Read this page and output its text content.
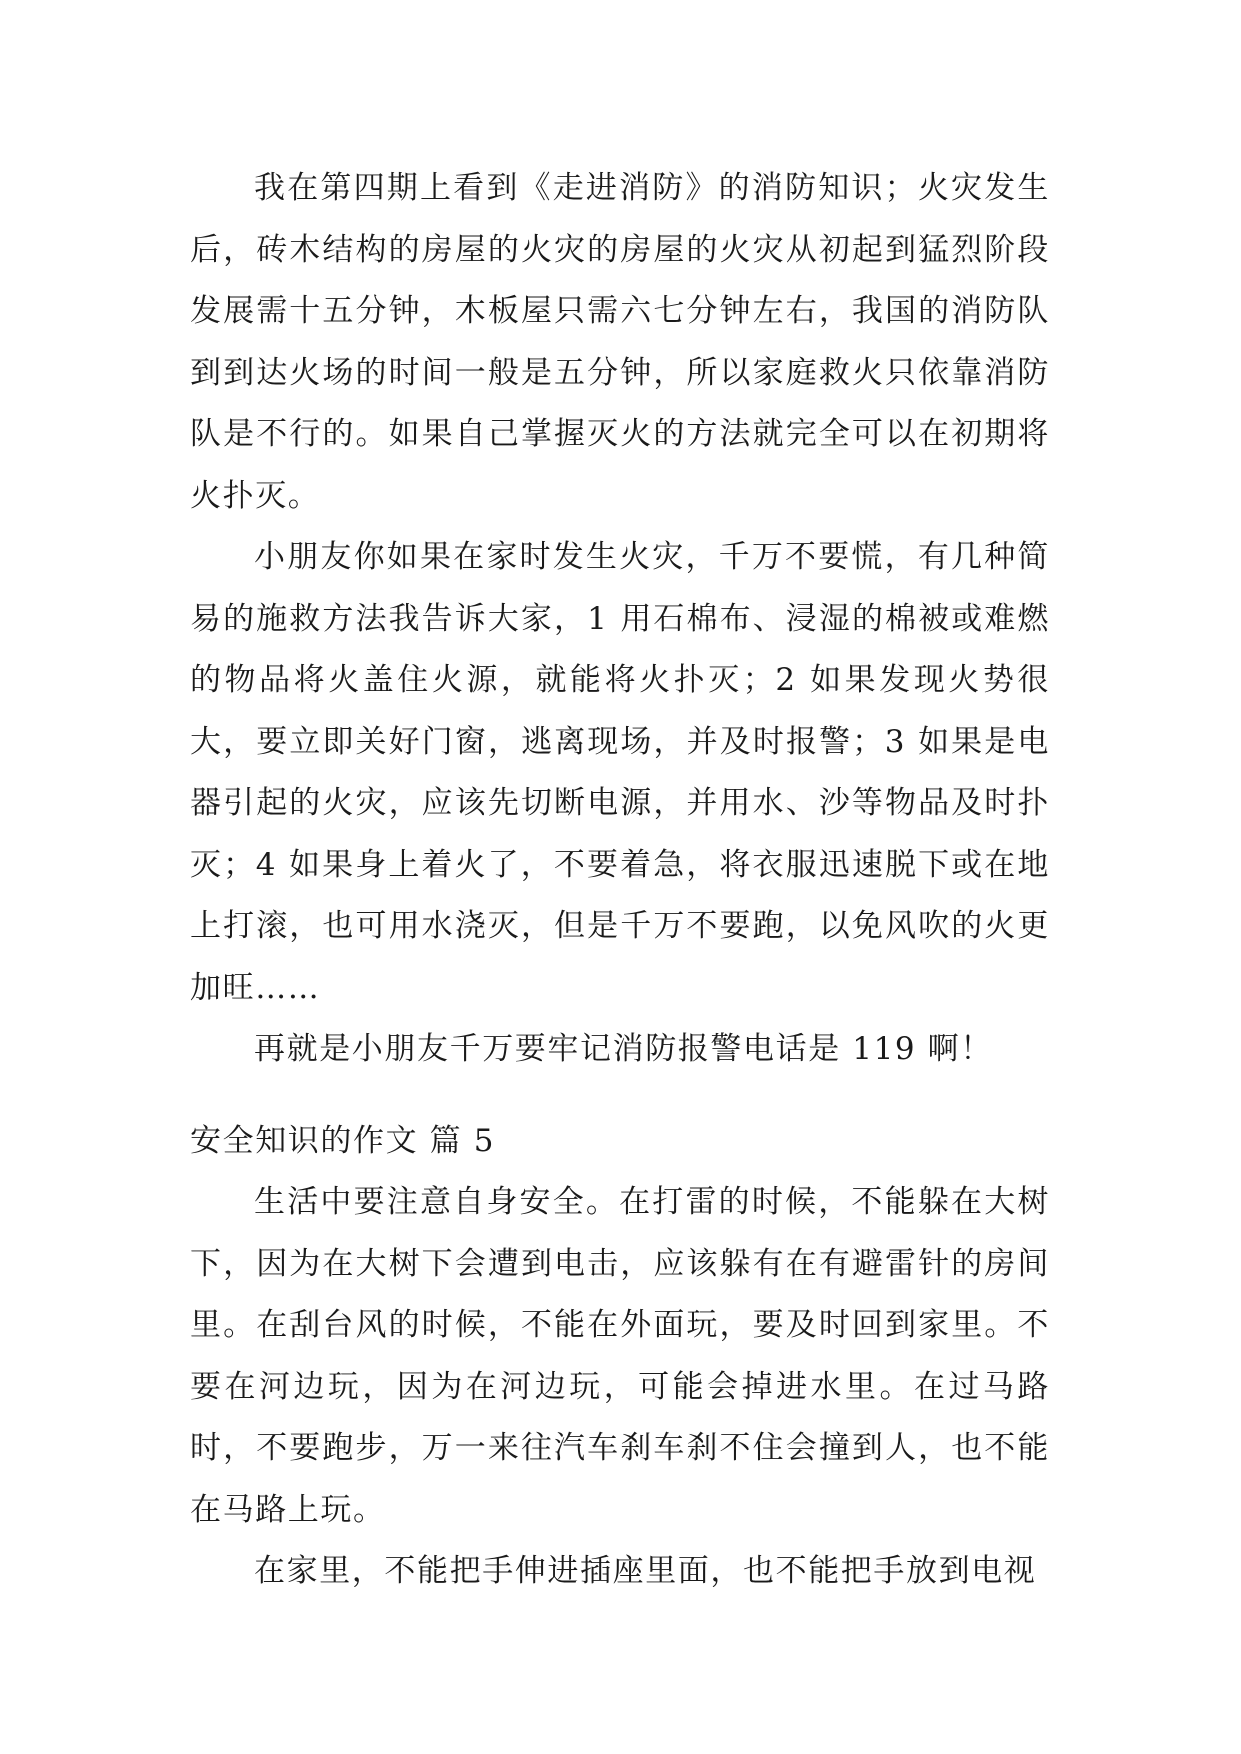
我在第四期上看到《走进消防》的消防知识；火灾发生后，砖木结构的房屋的火灾的房屋的火灾从初起到猛烈阶段发展需十五分钟，木板屋只需六七分钟左右，我国的消防队到到达火场的时间一般是五分钟，所以家庭救火只依靠消防队是不行的。如果自己掌握灭火的方法就完全可以在初期将火扑灭。

小朋友你如果在家时发生火灾，千万不要慌，有几种简易的施救方法我告诉大家，1 用石棉布、浸湿的棉被或难燃的物品将火盖住火源，就能将火扑灭；2 如果发现火势很大，要立即关好门窗，逃离现场，并及时报警；3 如果是电器引起的火灾，应该先切断电源，并用水、沙等物品及时扑灭；4 如果身上着火了，不要着急，将衣服迅速脱下或在地上打滚，也可用水浇灭，但是千万不要跑，以免风吹的火更加旺……

再就是小朋友千万要牢记消防报警电话是 119 啊！

安全知识的作文 篇 5

生活中要注意自身安全。在打雷的时候，不能躲在大树下，因为在大树下会遭到电击，应该躲有在有避雷针的房间里。在刮台风的时候，不能在外面玩，要及时回到家里。不要在河边玩，因为在河边玩，可能会掉进水里。在过马路时，不要跑步，万一来往汽车刹车刹不住会撞到人，也不能在马路上玩。

在家里，不能把手伸进插座里面，也不能把手放到电视
